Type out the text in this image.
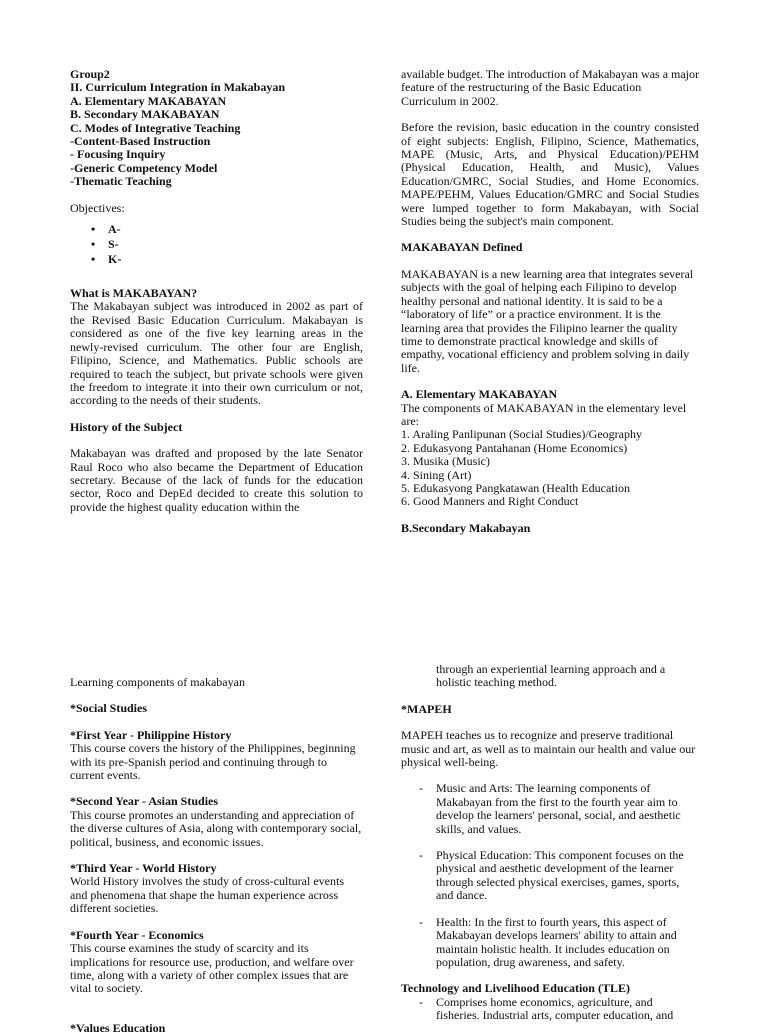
Group2

II. Curriculum Integration in Makabayan

A. Elementary MAKABAYAN

B. Secondary MAKABAYAN

C. Modes of Integrative Teaching

-Content-Based Instruction

- Focusing Inquiry

-Generic Competency Model

-Thematic Teaching

Objectives:

• A-
• S-
• K-

What is MAKABAYAN?

The Makabayan subject was introduced in 2002 as part of the Revised Basic Education Curriculum. Makabayan is considered as one of the five key learning areas in the newly-revised curriculum. The other four are English, Filipino, Science, and Mathematics. Public schools are required to teach the subject, but private schools were given the freedom to integrate it into their own curriculum or not, according to the needs of their students.

History of the Subject

Makabayan was drafted and proposed by the late Senator Raul Roco who also became the Department of Education secretary. Because of the lack of funds for the education sector, Roco and DepEd decided to create this solution to provide the highest quality education within the

available budget. The introduction of Makabayan was a major feature of the restructuring of the Basic Education Curriculum in 2002.

Before the revision, basic education in the country consisted of eight subjects: English, Filipino, Science, Mathematics, MAPE (Music, Arts, and Physical Education)/PEHM (Physical Education, Health, and Music), Values Education/GMRC, Social Studies, and Home Economics. MAPE/PEHM, Values Education/GMRC and Social Studies were lumped together to form Makabayan, with Social Studies being the subject's main component.

MAKABAYAN Defined

MAKABAYAN is a new learning area that integrates several subjects with the goal of helping each Filipino to develop healthy personal and national identity. It is said to be a “laboratory of life” or a practice environment. It is the learning area that provides the Filipino learner the quality time to demonstrate practical knowledge and skills of empathy, vocational efficiency and problem solving in daily life.

A. Elementary MAKABAYAN

The components of MAKABAYAN in the elementary level are:

1. Araling Panlipunan (Social Studies)/Geography

2. Edukasyong Pantahanan (Home Economics)

3. Musika (Music)

4. Sining (Art)

5. Edukasyong Pangkatawan (Health Education

6. Good Manners and Right Conduct

B.Secondary Makabayan

Learning components of makabayan

*Social Studies

*First Year - Philippine History

This course covers the history of the Philippines, beginning with its pre-Spanish period and continuing through to current events.

*Second Year - Asian Studies

This course promotes an understanding and appreciation of the diverse cultures of Asia, along with contemporary social, political, business, and economic issues.

*Third Year - World History

World History involves the study of cross-cultural events and phenomena that shape the human experience across different societies.

*Fourth Year - Economics

This course examines the study of scarcity and its implications for resource use, production, and welfare over time, along with a variety of other complex issues that are vital to society.

*Values Education

through an experiential learning approach and a holistic teaching method.

*MAPEH

MAPEH teaches us to recognize and preserve traditional music and art, as well as to maintain our health and value our physical well-being.

- Music and Arts: The learning components of Makabayan from the first to the fourth year aim to develop the learners' personal, social, and aesthetic skills, and values.

- Physical Education: This component focuses on the physical and aesthetic development of the learner through selected physical exercises, games, sports, and dance.

- Health: In the first to fourth years, this aspect of Makabayan develops learners' ability to attain and maintain holistic health. It includes education on population, drug awareness, and safety.

Technology and Livelihood Education (TLE)

- Comprises home economics, agriculture, and fisheries. Industrial arts, computer education, and
